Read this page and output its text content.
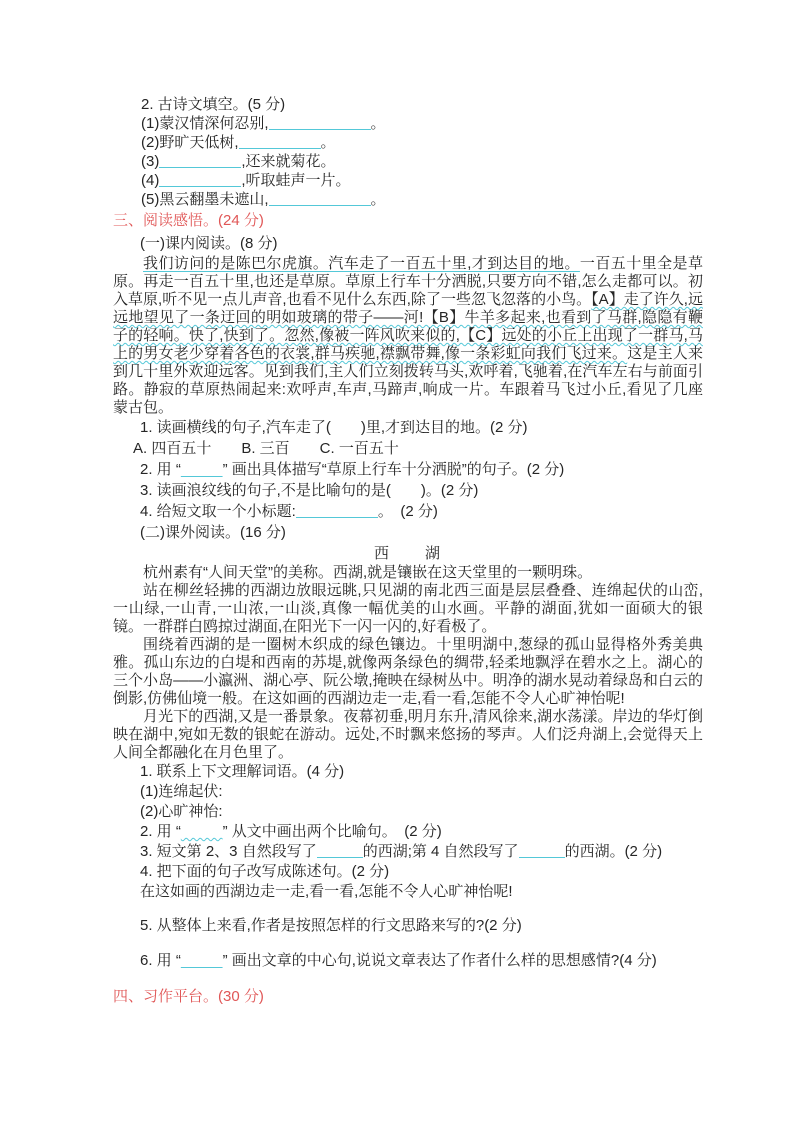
2. 古诗文填空。(5 分)
(1)蒙汉情深何忍别,	。
(2)野旷天低树,	。
(3)	,还来就菊花。
(4)	,听取蛙声一片。
(5)黑云翻墨未遮山,	。
三、阅读感悟。(24 分)
(一)课内阅读。(8 分)
我们访问的是陈巴尔虎旗。汽车走了一百五十里,才到达目的地。一百五十里全是草原。再走一百五十里,也还是草原。草原上行车十分洒脱,只要方向不错,怎么走都可以。初入草原,听不见一点儿声音,也看不见什么东西,除了一些忽飞忽落的小鸟。【A】走了许久,远远地望见了一条迂回的明如玻璃的带子——河!【B】牛羊多起来,也看到了马群,隐隐有鞭子的轻响。快了,快到了。忽然,像被一阵风吹来似的,【C】远处的小丘上出现了一群马,马上的男女老少穿着各色的衣裳,群马疾驰,襟飘带舞,像一条彩虹向我们飞过来。这是主人来到几十里外欢迎远客。见到我们,主人们立刻拨转马头,欢呼着,飞驰着,在汽车左右与前面引路。静寂的草原热闹起来:欢呼声,车声,马蹄声,响成一片。车跟着马飞过小丘,看见了几座蒙古包。
1. 读画横线的句子,汽车走了(　　)里,才到达目的地。(2 分)
A. 四百五十　　B. 三百　　C. 一百五十
2. 用 “	” 画出具体描写“草原上行车十分洒脱”的句子。(2 分)
3. 读画浪纹线的句子,不是比喻句的是(　　)。(2 分)
4. 给短文取一个小标题:	。　(2 分)
(二)课外阅读。(16 分)
西　　湖
杭州素有“人间天堂”的美称。西湖,就是镶嵌在这天堂里的一颗明珠。
站在柳丝轻拂的西湖边放眼远眺,只见湖的南北西三面是层层叠叠、连绵起伏的山峦,一山绿,一山青,一山浓,一山淡,真像一幅优美的山水画。平静的湖面,犹如一面硕大的银镜。一群群白鸥掠过湖面,在阳光下一闪一闪的,好看极了。
围绕着西湖的是一圈树木织成的绿色镶边。十里明湖中,葱绿的孤山显得格外秀美典雅。孤山东边的白堤和西南的苏堤,就像两条绿色的绸带,轻柔地飘浮在碧水之上。湖心的三个小岛——小瀛洲、湖心亭、阮公墩,掩映在绿树丛中。明净的湖水晃动着绿岛和白云的倒影,仿佛仙境一般。在这如画的西湖边走一走,看一看,怎能不令人心旷神怡呢!
月光下的西湖,又是一番景象。夜幕初垂,明月东升,清风徐来,湖水荡漾。岸边的华灯倒映在湖中,宛如无数的银蛇在游动。远处,不时飘来悠扬的琴声。人们泛舟湖上,会觉得天上人间全都融化在月色里了。
1. 联系上下文理解词语。(4 分)
(1)连绵起伏:
(2)心旷神怡:
2. 用 “	” 从文中画出两个比喻句。　(2 分)
3. 短文第 2、3 自然段写了	的西湖;第 4 自然段写了	的西湖。(2 分)
4. 把下面的句子改写成陈述句。(2 分)
在这如画的西湖边走一走,看一看,怎能不令人心旷神怡呢!
5. 从整体上来看,作者是按照怎样的行文思路来写的?(2 分)
6. 用 “	” 画出文章的中心句,说说文章表达了作者什么样的思想感情?(4 分)
四、习作平台。(30 分)
